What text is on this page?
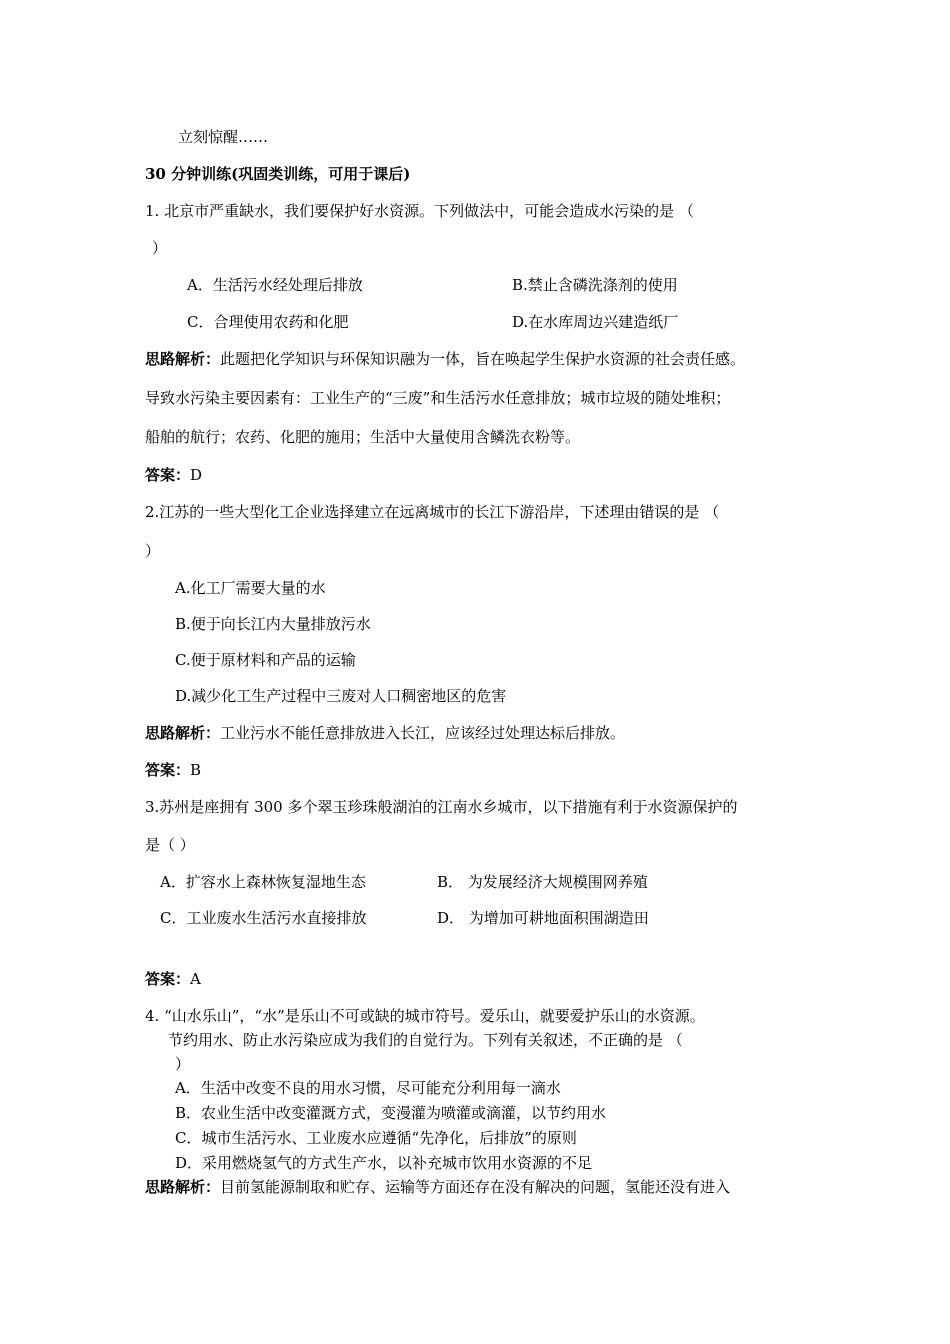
立刻惊醒……
30 分钟训练(巩固类训练，可用于课后)
1. 北京市严重缺水，我们要保护好水资源。下列做法中，可能会造成水污染的是 （
）
A．生活污水经处理后排放	B.禁止含磷洗涤剂的使用
C．合理使用农药和化肥	D.在水库周边兴建造纸厂
思路解析：此题把化学知识与环保知识融为一体，旨在唤起学生保护水资源的社会责任感。
导致水污染主要因素有：工业生产的“三废”和生活污水任意排放；城市垃圾的随处堆积；
船舶的航行；农药、化肥的施用；生活中大量使用含鳞洗衣粉等。
答案：D
2.江苏的一些大型化工企业选择建立在远离城市的长江下游沿岸，下述理由错误的是 （
）
A.化工厂需要大量的水
B.便于向长江内大量排放污水
C.便于原材料和产品的运输
D.减少化工生产过程中三废对人口稠密地区的危害
思路解析：工业污水不能任意排放进入长江，应该经过处理达标后排放。
答案：B
3.苏州是座拥有 300 多个翠玉珍珠般湖泊的江南水乡城市，以下措施有利于水资源保护的
是（ ）
A．扩容水上森林恢复湿地生态	B． 为发展经济大规模围网养殖
C．工业废水生活污水直接排放	D． 为增加可耕地面积围湖造田
答案：A
4. “山水乐山”，“水”是乐山不可或缺的城市符号。爱乐山，就要爱护乐山的水资源。
节约用水、防止水污染应成为我们的自觉行为。下列有关叙述，不正确的是 （
）
A．生活中改变不良的用水习惯，尽可能充分利用每一滴水
B．农业生活中改变灌溉方式，变漫灌为喷灌或滴灌，以节约用水
C．城市生活污水、工业废水应遵循“先净化，后排放”的原则
D．采用燃烧氢气的方式生产水，以补充城市饮用水资源的不足
思路解析：目前氢能源制取和贮存、运输等方面还存在没有解决的问题，氢能还没有进入
